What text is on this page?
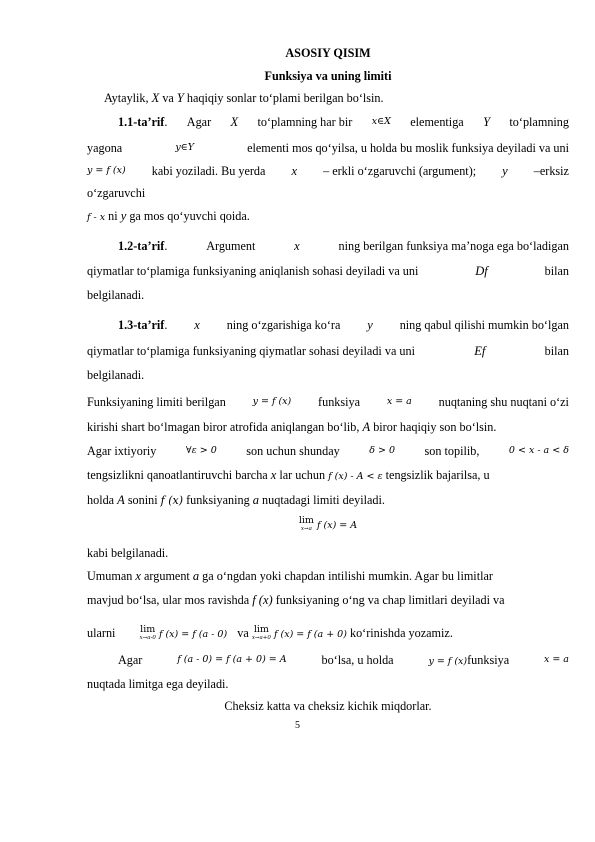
ASOSIY QISIM
Funksiya va uning limiti
Aytaylik, X va Y haqiqiy sonlar to‘plami berilgan bo‘lsin.
1.1-ta’rif. Agar X to‘plamning har bir x∈X elementiga Y to‘plamning
yagona	y∈Y	elementi mos qo‘yilsa, u holda bu moslik funksiya deyiladi va uni
y = f (x) kabi yoziladi. Bu yerda x – erkli o‘zgaruvchi (argument); y –erksiz
o‘zgaruvchi
f - x ni y ga mos qo‘yuvchi qoida.
1.2-ta’rif.	Argument	x	ning berilgan funksiya ma’noga ega bo‘ladigan
qiymatlar to‘plamiga funksiyaning aniqlanish sohasi deyiladi va uni	Df	bilan
belgilanadi.
1.3-ta’rif. x ning o‘zgarishiga ko‘ra y ning qabul qilishi mumkin bo‘lgan
qiymatlar to‘plamiga funksiyaning qiymatlar sohasi deyiladi va uni	Ef	bilan
belgilanadi.
Funksiyaning limiti berilgan	y = f (x) funksiya	x = a nuqtaning shu nuqtani o‘zi
kirishi shart bo‘lmagan biror atrofida aniqlangan bo‘lib, A biror haqiqiy son bo‘lsin.
Agar ixtiyoriy	∀ε > 0 son uchun shunday	δ > 0 son topilib,	0 < x - a < δ
tengsizlikni qanoatlantiruvchi barcha x lar uchun f (x) - A < ε tengsizlik bajarilsa, u
holda A sonini f (x) funksiyaning a nuqtadagi limiti deyiladi.
lim
x→a f (x) = A
kabi belgilanadi.
Umuman x argument a ga o‘ngdan yoki chapdan intilishi mumkin. Agar bu limitlar
mavjud bo‘lsa, ular mos ravishda f (x) funksiyaning o‘ng va chap limitlari deyiladi va
ularni	lim
x→a-0 f (x) = f (a - 0) va lim
x→a+0 f (x) = f (a + 0) ko‘rinishda yozamiz.
Agar	f (a - 0) = f (a + 0) = A	bo‘lsa, u holda	y = f (x)funksiya	x = a
nuqtada limitga ega deyiladi.
Cheksiz katta va cheksiz kichik miqdorlar.
5
